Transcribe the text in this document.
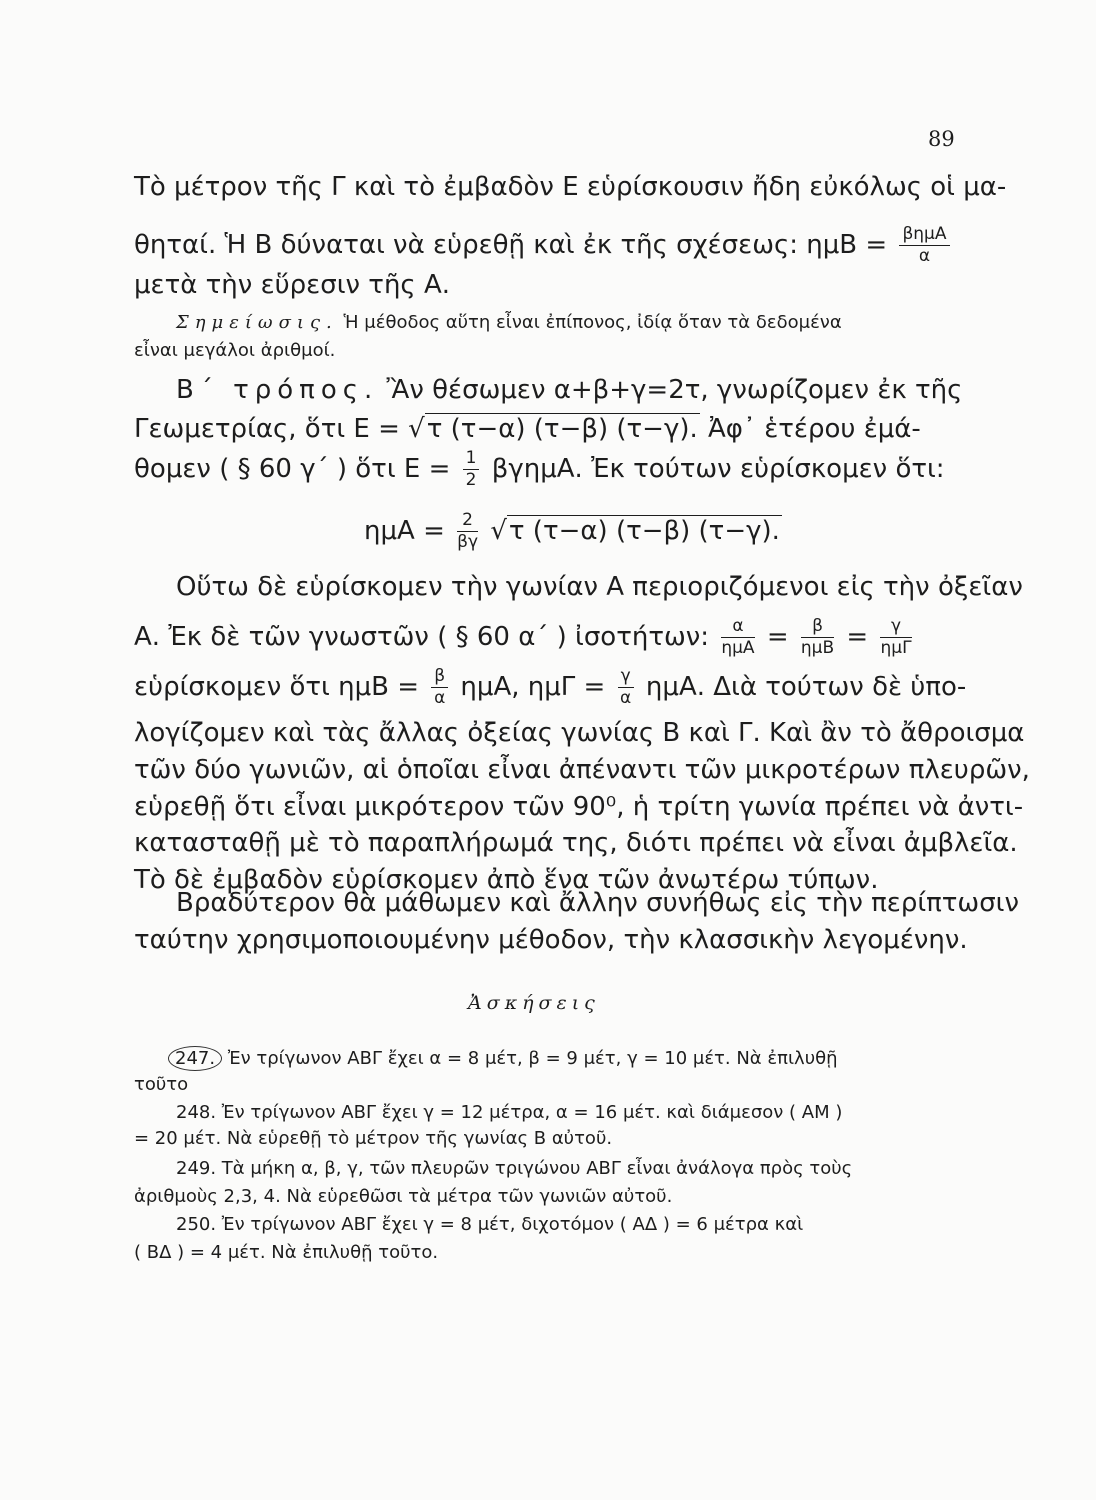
89
Τὸ μέτρον τῆς Γ καὶ τὸ ἐμβαδὸν Ε εὑρίσκουσιν ἤδη εὐκόλως οἱ μα-
θηταί. Ἡ Β δύναται νὰ εὑρεθῇ καὶ ἐκ τῆς σχέσεως: $\eta\mu B = \frac{\text{βημΑ}}{\alpha}$
μετὰ τὴν εὕρεσιν τῆς Α.
Σημείωσις. Ἡ μέθοδος αὕτη εἶναι ἐπίπονος, ἰδίᾳ ὅταν τὰ δεδομένα
εἶναι μεγάλοι ἀριθμοί.
Β΄ τρόπος. Ἂν θέσωμεν α+β+γ=2τ, γνωρίζομεν ἐκ τῆς
Γεωμετρίας, ὅτι Ε = √τ (τ−α) (τ−β) (τ−γ). Ἀφ᾽ ἑτέρου ἐμά-
θομεν ( § 60 γ΄ ) ὅτι $E = \frac{1}{2} \beta\gamma\eta\mu A$. Ἐκ τούτων εὑρίσκομεν ὅτι:
$\eta\mu A = \frac{2}{\beta\gamma} √\tau$ (τ−α) (τ−β) (τ−γ).
Οὕτω δὲ εὑρίσκομεν τὴν γωνίαν Α περιοριζόμενοι εἰς τὴν ὀξεῖαν
Α. Ἐκ δὲ τῶν γνωστῶν ( § 60 α΄ ) ἰσοτήτων: $\frac{\alpha}{\text{ημΑ}} = \frac{\beta}{\text{ημΒ}} = \frac{\gamma}{\text{ημΓ}}$
εὑρίσκομεν ὅτι $\eta\mu B = \frac{\beta}{\alpha} \eta\mu A$, $\eta\mu\Gamma = \frac{\gamma}{\alpha} \eta\mu A$. Διὰ τούτων δὲ ὑπο-
λογίζομεν καὶ τὰς ἄλλας ὀξείας γωνίας Β καὶ Γ. Καὶ ἂν τὸ ἄθροισμα
τῶν δύο γωνιῶν, αἱ ὁποῖαι εἶναι ἀπέναντι τῶν μικροτέρων πλευρῶν,
εὑρεθῇ ὅτι εἶναι μικρότερον τῶν 90⁰, ἡ τρίτη γωνία πρέπει νὰ ἀντι-
κατασταθῇ μὲ τὸ παραπλήρωμά της, διότι πρέπει νὰ εἶναι ἀμβλεῖα.
Τὸ δὲ ἐμβαδὸν εὑρίσκομεν ἀπὸ ἕνα τῶν ἀνωτέρω τύπων.
Βραδύτερον θὰ μάθωμεν καὶ ἄλλην συνήθως εἰς τὴν περίπτωσιν
ταύτην χρησιμοποιουμένην μέθοδον, τὴν κλασσικὴν λεγομένην.
Ἀσκήσεις
247. Ἐν τρίγωνον ΑΒΓ ἔχει α = 8 μέτ, β = 9 μέτ, γ = 10 μέτ. Νὰ ἐπιλυθῇ
τοῦτο
248. Ἐν τρίγωνον ΑΒΓ ἔχει γ = 12 μέτρα, α = 16 μέτ. καὶ διάμεσον ( ΑΜ )
= 20 μέτ. Νὰ εὑρεθῇ τὸ μέτρον τῆς γωνίας Β αὐτοῦ.
249. Τὰ μήκη α, β, γ, τῶν πλευρῶν τριγώνου ΑΒΓ εἶναι ἀνάλογα πρὸς τοὺς
ἀριθμοὺς 2,3, 4. Νὰ εὑρεθῶσι τὰ μέτρα τῶν γωνιῶν αὐτοῦ.
250. Ἐν τρίγωνον ΑΒΓ ἔχει γ = 8 μέτ, διχοτόμον ( ΑΔ ) = 6 μέτρα καὶ
( ΒΔ ) = 4 μέτ. Νὰ ἐπιλυθῇ τοῦτο.
